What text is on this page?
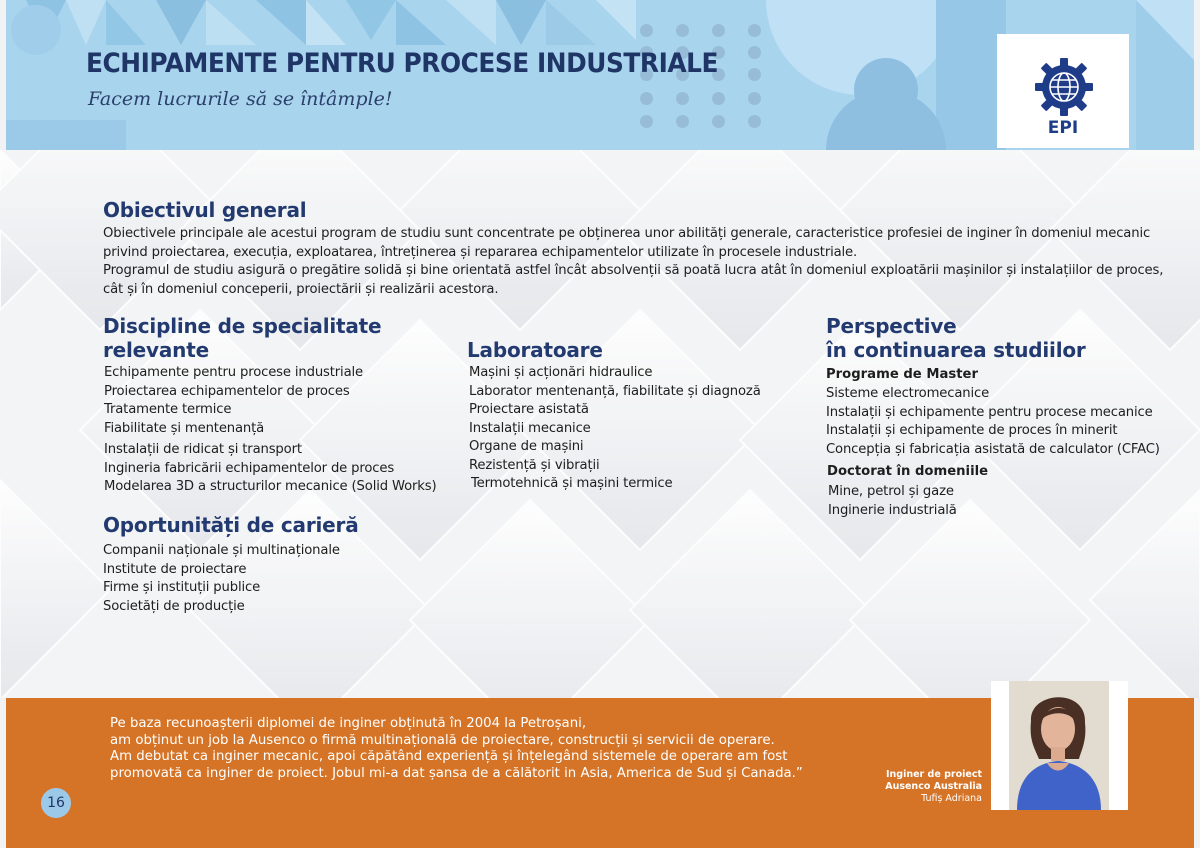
ECHIPAMENTE PENTRU PROCESE INDUSTRIALE

Facem lucrurile să se întâmple!

EPI
Obiectivul general
Obiectivele principale ale acestui program de studiu sunt concentrate pe obținerea unor abilități generale, caracteristice profesiei de inginer în domeniul mecanic
privind proiectarea, execuția, exploatarea, întreținerea și repararea echipamentelor utilizate în procesele industriale.
Programul de studiu asigură o pregătire solidă și bine orientată astfel încât absolvenții să poată lucra atât în domeniul exploatării mașinilor și instalațiilor de proces,
cât și în domeniul conceperii, proiectării și realizării acestora.
Discipline de specialitate
relevante
Echipamente pentru procese industriale
Proiectarea echipamentelor de proces
Tratamente termice
Fiabilitate și mentenanță
Instalații de ridicat și transport
Ingineria fabricării echipamentelor de proces
Modelarea 3D a structurilor mecanice (Solid Works)
Oportunități de carieră
Companii naționale și multinaționale
Institute de proiectare
Firme și instituții publice
Societăți de producție
Laboratoare
Mașini și acționări hidraulice
Laborator mentenanță, fiabilitate și diagnoză
Proiectare asistată
Instalații mecanice
Organe de mașini
Rezistență și vibrații
Termotehnică și mașini termice
Perspective
în continuarea studiilor

Programe de Master

Sisteme electromecanice
Instalații și echipamente pentru procese mecanice
Instalații și echipamente de proces în minerit
Concepția și fabricația asistată de calculator (CFAC)

Doctorat în domeniile

Mine, petrol și gaze
Inginerie industrială
Pe baza recunoașterii diplomei de inginer obținută în 2004 la Petroșani,
am obținut un job la Ausenco o firmă multinațională de proiectare, construcții și servicii de operare.
Am debutat ca inginer mecanic, apoi căpătând experiență și înțelegând sistemele de operare am fost
promovată ca inginer de proiect. Jobul mi-a dat șansa de a călătorit in Asia, America de Sud și Canada.”
16
Inginer de proiect
Ausenco Australia
Tufiș Adriana
